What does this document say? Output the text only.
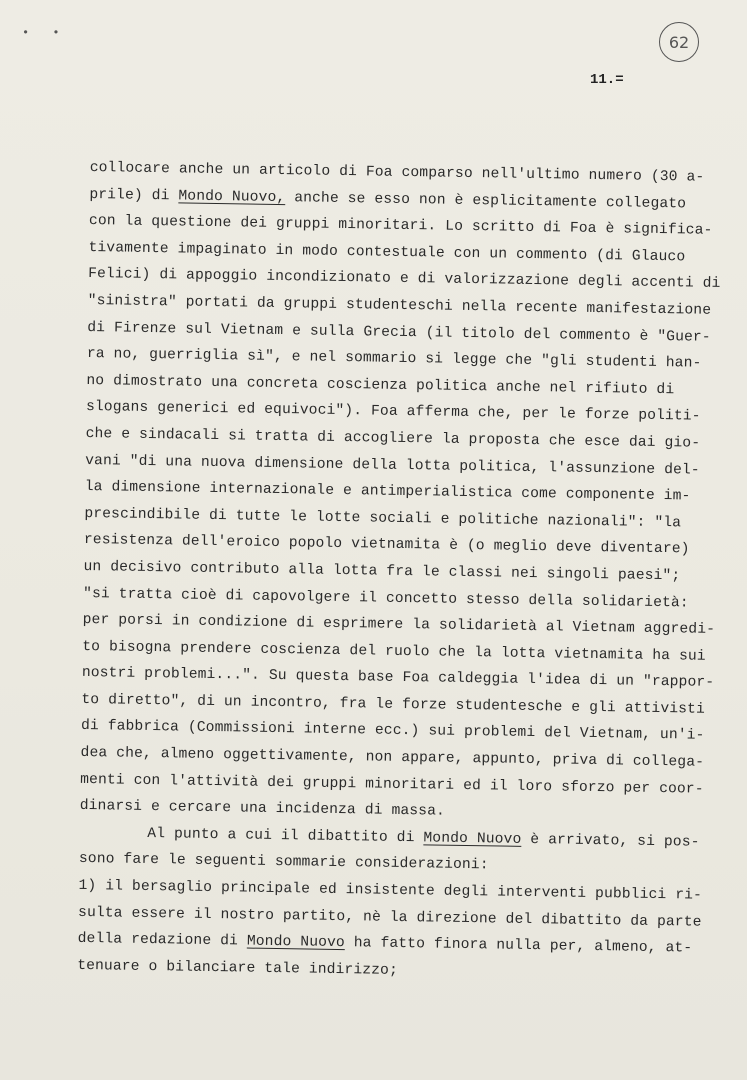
• •	62
11.=
collocare anche un articolo di Foa comparso nell'ultimo numero (30 a-
prile) di Mondo Nuovo, anche se esso non è esplicitamente collegato
con la questione dei gruppi minoritari. Lo scritto di Foa è significa-
tivamente impaginato in modo contestuale con un commento (di Glauco
Felici) di appoggio incondizionato e di valorizzazione degli accenti di
"sinistra" portati da gruppi studenteschi nella recente manifestazione
di Firenze sul Vietnam e sulla Grecia (il titolo del commento è "Guer-
ra no, guerriglia sì", e nel sommario si legge che "gli studenti han-
no dimostrato una concreta coscienza politica anche nel rifiuto di
slogans generici ed equivoci"). Foa afferma che, per le forze politi-
che e sindacali si tratta di accogliere la proposta che esce dai gio-
vani "di una nuova dimensione della lotta politica, l'assunzione del-
la dimensione internazionale e antimperialistica come componente im-
prescindibile di tutte le lotte sociali e politiche nazionali": "la
resistenza dell'eroico popolo vietnamita è (o meglio deve diventare)
un decisivo contributo alla lotta fra le classi nei singoli paesi";
"si tratta cioè di capovolgere il concetto stesso della solidarietà:
per porsi in condizione di esprimere la solidarietà al Vietnam aggredi-
to bisogna prendere coscienza del ruolo che la lotta vietnamita ha sui
nostri problemi...". Su questa base Foa caldeggia l'idea di un "rappor-
to diretto", di un incontro, fra le forze studentesche e gli attivisti
di fabbrica (Commissioni interne ecc.) sui problemi del Vietnam, un'i-
dea che, almeno oggettivamente, non appare, appunto, priva di collega-
menti con l'attività dei gruppi minoritari ed il loro sforzo per coor-
dinarsi e cercare una incidenza di massa.
Al punto a cui il dibattito di Mondo Nuovo è arrivato, si pos-
sono fare le seguenti sommarie considerazioni:
1) il bersaglio principale ed insistente degli interventi pubblici ri-
sulta essere il nostro partito, nè la direzione del dibattito da parte
della redazione di Mondo Nuovo ha fatto finora nulla per, almeno, at-
tenuare o bilanciare tale indirizzo;
